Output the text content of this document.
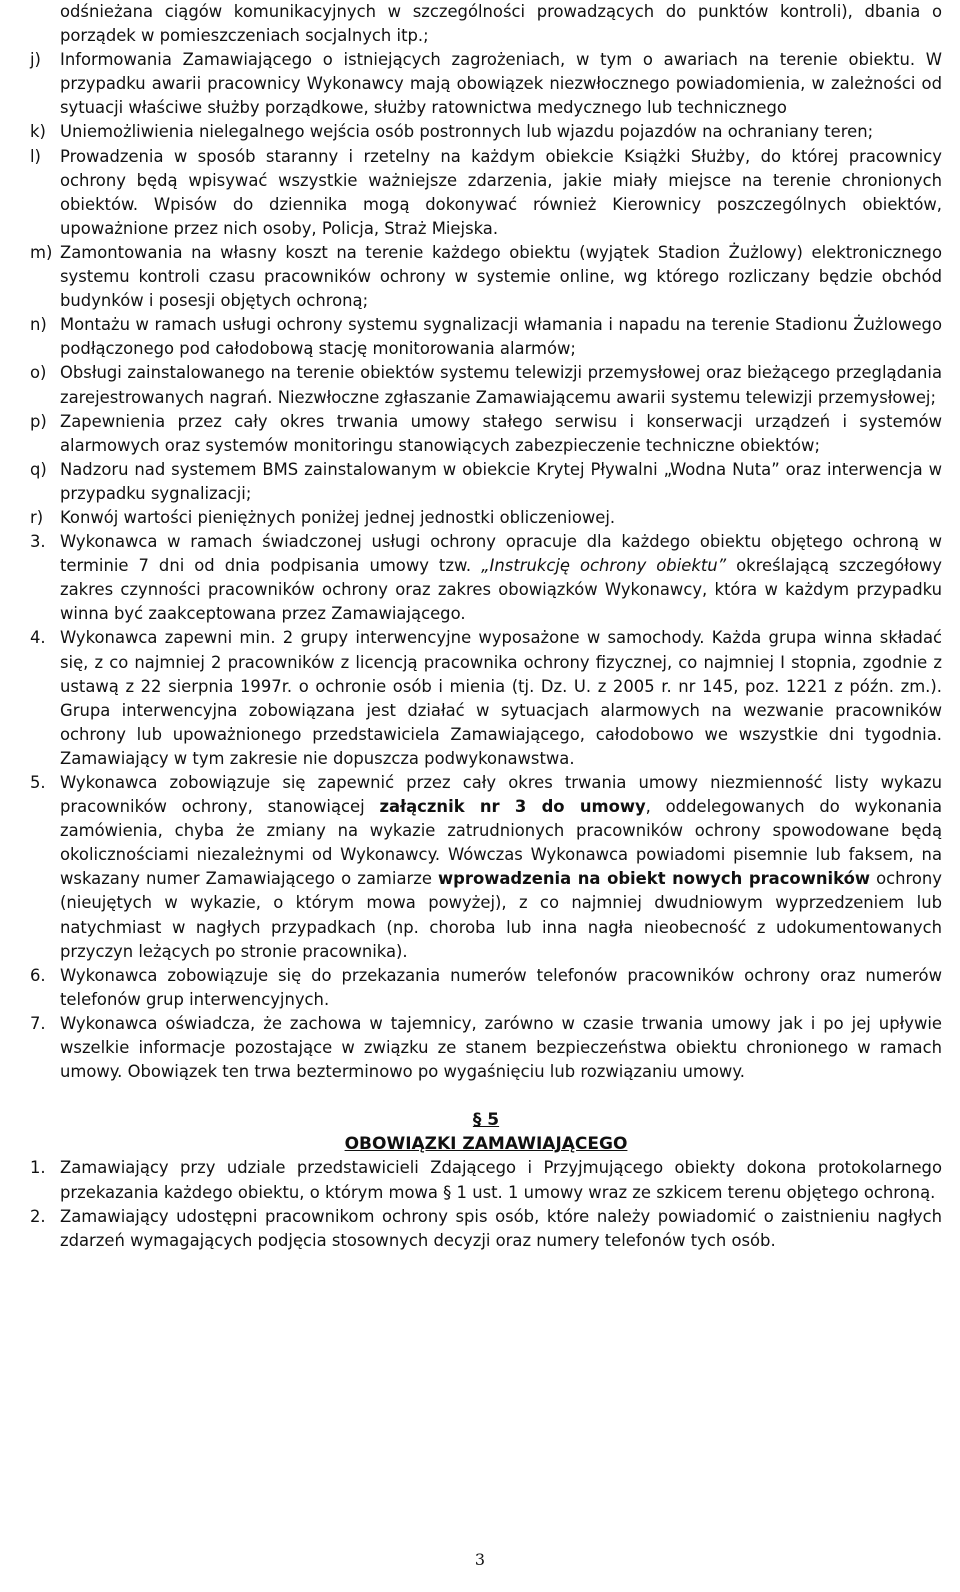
odśnieżana ciągów komunikacyjnych w szczególności prowadzących do punktów kontroli), dbania o porządek w pomieszczeniach socjalnych itp.;

j)	Informowania Zamawiającego o istniejących zagrożeniach, w tym o awariach na terenie obiektu. W przypadku awarii pracownicy Wykonawcy mają obowiązek niezwłocznego powiadomienia, w zależności od sytuacji właściwe służby porządkowe, służby ratownictwa medycznego lub technicznego
k) Uniemożliwienia nielegalnego wejścia osób postronnych lub wjazdu pojazdów na ochraniany teren;
l)	Prowadzenia w sposób staranny i rzetelny na każdym obiekcie Książki Służby, do której pracownicy ochrony będą wpisywać wszystkie ważniejsze zdarzenia, jakie miały miejsce na terenie chronionych obiektów. Wpisów do dziennika mogą dokonywać również Kierownicy poszczególnych obiektów, upoważnione przez nich osoby, Policja, Straż Miejska.
m) Zamontowania na własny koszt na terenie każdego obiektu (wyjątek Stadion Żużlowy) elektronicznego systemu kontroli czasu pracowników ochrony w systemie online, wg którego rozliczany będzie obchód budynków i posesji objętych ochroną;
n) Montażu w ramach usługi ochrony systemu sygnalizacji włamania i napadu na terenie Stadionu Żużlowego podłączonego pod całodobową stację monitorowania alarmów;
o) Obsługi zainstalowanego na terenie obiektów systemu telewizji przemysłowej oraz bieżącego przeglądania zarejestrowanych nagrań. Niezwłoczne zgłaszanie Zamawiającemu awarii systemu telewizji przemysłowej;
p) Zapewnienia przez cały okres trwania umowy stałego serwisu i konserwacji urządzeń i systemów alarmowych oraz systemów monitoringu stanowiących zabezpieczenie techniczne obiektów;
q) Nadzoru nad systemem BMS zainstalowanym w obiekcie Krytej Pływalni „Wodna Nuta” oraz interwencja w przypadku sygnalizacji;
r)	Konwój wartości pieniężnych poniżej jednej jednostki obliczeniowej.
3. Wykonawca w ramach świadczonej usługi ochrony opracuje dla każdego obiektu objętego ochroną w terminie 7 dni od dnia podpisania umowy tzw. „Instrukcję ochrony obiektu” określającą szczegółowy zakres czynności pracowników ochrony oraz zakres obowiązków Wykonawcy, która w każdym przypadku winna być zaakceptowana przez Zamawiającego.
4. Wykonawca zapewni min. 2 grupy interwencyjne wyposażone w samochody. Każda grupa winna składać się, z co najmniej 2 pracowników z licencją pracownika ochrony fizycznej, co najmniej I stopnia, zgodnie z ustawą z 22 sierpnia 1997r. o ochronie osób i mienia (tj. Dz. U. z 2005 r. nr 145, poz. 1221 z późn. zm.). Grupa interwencyjna zobowiązana jest działać w sytuacjach alarmowych na wezwanie pracowników ochrony lub upoważnionego przedstawiciela Zamawiającego, całodobowo we wszystkie dni tygodnia. Zamawiający w tym zakresie nie dopuszcza podwykonawstwa.
5. Wykonawca zobowiązuje się zapewnić przez cały okres trwania umowy niezmienność listy wykazu pracowników ochrony, stanowiącej załącznik nr 3 do umowy, oddelegowanych do wykonania zamówienia, chyba że zmiany na wykazie zatrudnionych pracowników ochrony spowodowane będą okolicznościami niezależnymi od Wykonawcy. Wówczas Wykonawca powiadomi pisemnie lub faksem, na wskazany numer Zamawiającego o zamiarze wprowadzenia na obiekt nowych pracowników ochrony (nieujętych w wykazie, o którym mowa powyżej), z co najmniej dwudniowym wyprzedzeniem lub natychmiast w nagłych przypadkach (np. choroba lub inna nagła nieobecność z udokumentowanych przyczyn leżących po stronie pracownika).
6. Wykonawca zobowiązuje się do przekazania numerów telefonów pracowników ochrony oraz numerów telefonów grup interwencyjnych.
7. Wykonawca oświadcza, że zachowa w tajemnicy, zarówno w czasie trwania umowy jak i po jej upływie wszelkie informacje pozostające w związku ze stanem bezpieczeństwa obiektu chronionego w ramach umowy. Obowiązek ten trwa bezterminowo po wygaśnięciu lub rozwiązaniu umowy.

§ 5

OBOWIĄZKI ZAMAWIAJĄCEGO

1. Zamawiający przy udziale przedstawicieli Zdającego i Przyjmującego obiekty dokona protokolarnego przekazania każdego obiektu, o którym mowa § 1 ust. 1 umowy wraz ze szkicem terenu objętego ochroną.
2. Zamawiający udostępni pracownikom ochrony spis osób, które należy powiadomić o zaistnieniu nagłych zdarzeń wymagających podjęcia stosownych decyzji oraz numery telefonów tych osób.
3
